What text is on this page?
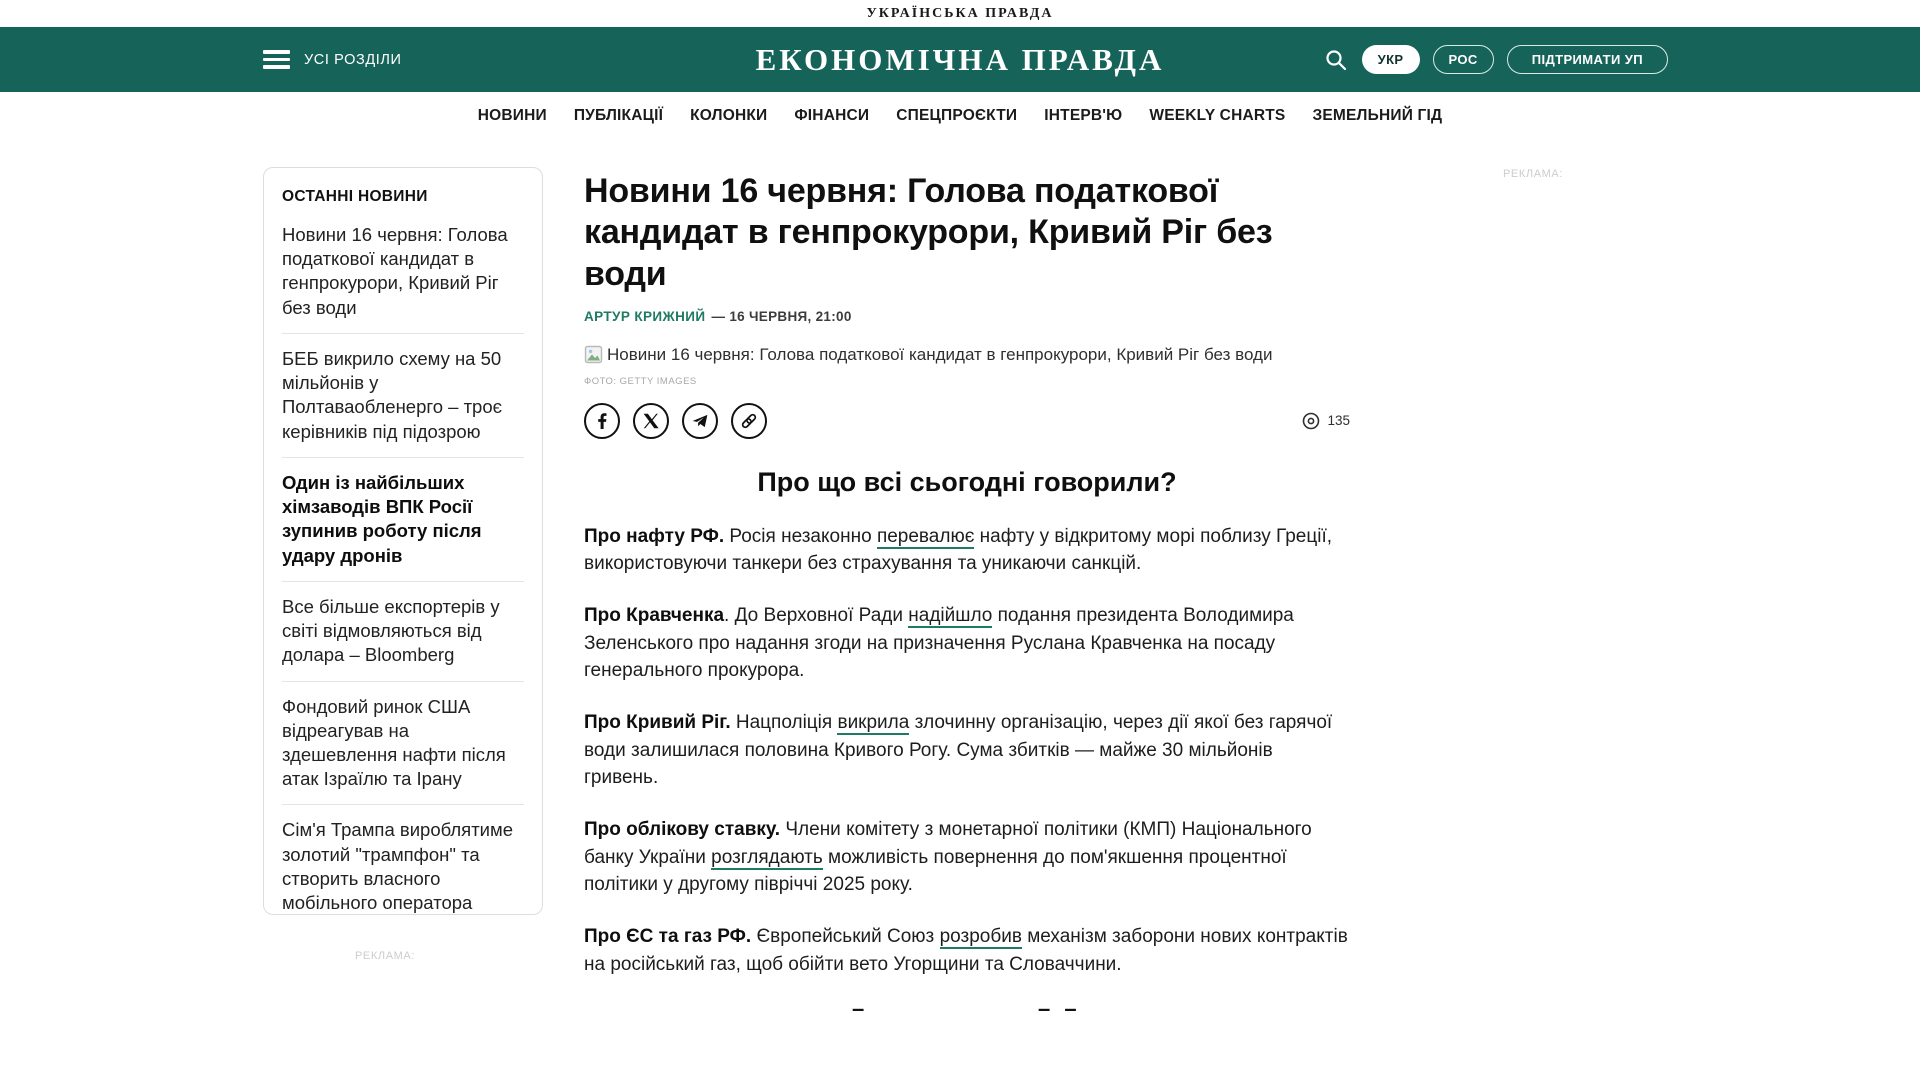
УКРАЇНСЬКА ПРАВДА
УСІ РОЗДІЛИ	ЕКОНОМІЧНА ПРАВДА	УКР	РОС	ПІДТРИМАТИ УП
НОВИНИ ПУБЛІКАЦІЇ КОЛОНКИ ФІНАНСИ СПЕЦПРОЄКТИ ІНТЕРВ'Ю WEEKLY CHARTS ЗЕМЕЛЬНИЙ ГІД
ОСТАННІ НОВИНИ
Новини 16 червня: Голова податкової кандидат в генпрокурори, Кривий Ріг без води
БЕБ викрило схему на 50 мільйонів у Полтаваобленерго – троє керівників під підозрою
Один із найбільших хімзаводів ВПК Росії зупинив роботу після удару дронів
Все більше експортерів у світі відмовляються від долара – Bloomberg
Фондовий ринок США відреагував на здешевлення нафти після атак Ізраїлю та Ірану
Сім'я Трампа вироблятиме золотий "трампфон" та створить власного мобільного оператора
Новини 16 червня: Голова податкової кандидат в генпрокурори, Кривий Ріг без води
АРТУР КРИЖНИЙ — 16 ЧЕРВНЯ, 21:00
Новини 16 червня: Голова податкової кандидат в генпрокурори, Кривий Ріг без води
ФОТО: GETTY IMAGES
135
Про що всі сьогодні говорили?

Про нафту РФ. Росія незаконно перевалює нафту у відкритому морі поблизу Греції, використовуючи танкери без страхування та уникаючи санкцій.

Про Кравченка. До Верховної Ради надійшло подання президента Володимира Зеленського про надання згоди на призначення Руслана Кравченка на посаду генерального прокурора.

Про Кривий Ріг. Нацполіція викрила злочинну організацію, через дії якої без гарячої води залишилася половина Кривого Рогу. Сума збитків — майже 30 мільйонів гривень.

Про облікову ставку. Члени комітету з монетарної політики (КМП) Національного банку України розглядають можливість повернення до пом'якшення процентної політики у другому півріччі 2025 року.

Про ЄС та газ РФ. Європейський Союз розробив механізм заборони нових контрактів на російський газ, щоб обійти вето Угорщини та Словаччини.

–	– –
РЕКЛАМА:
РЕКЛАМА:
